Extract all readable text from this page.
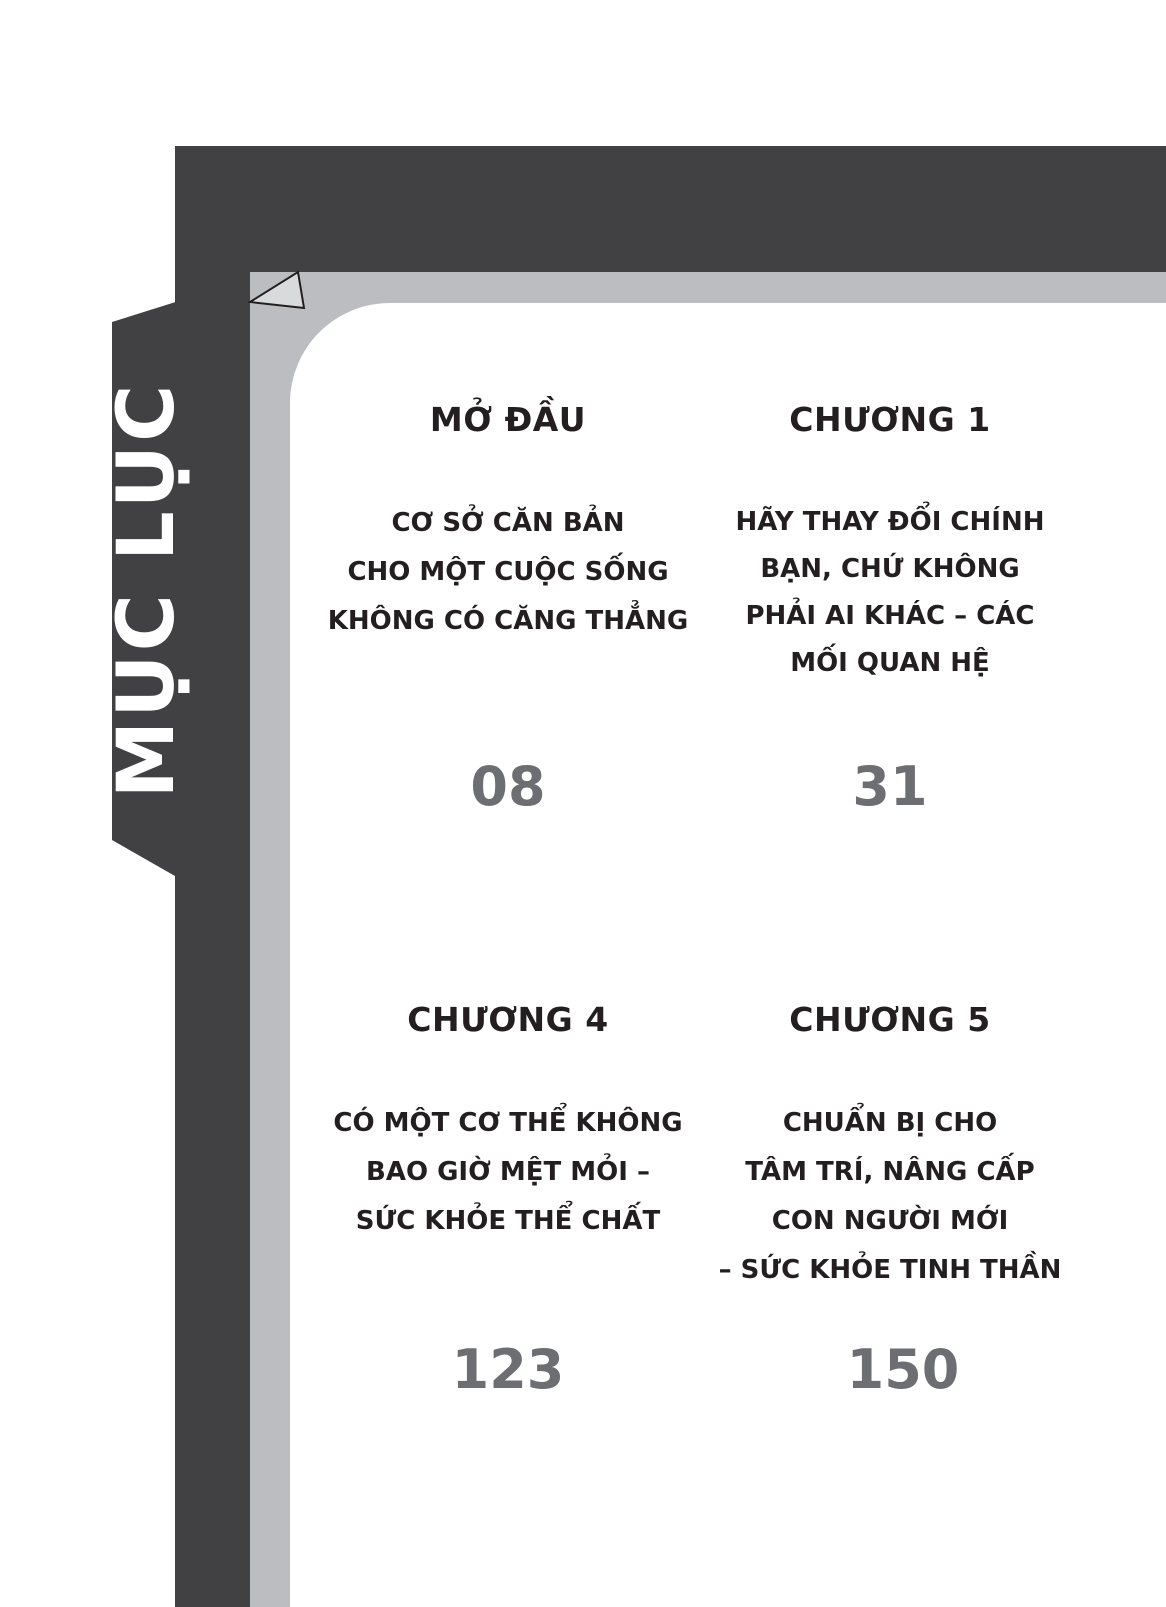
MỤC LỤC	MỞ ĐẦU
CƠ SỞ CĂN BẢN
CHO MỘT CUỘC SỐNG
KHÔNG CÓ CĂNG THẲNG
08
CHƯƠNG 1
HÃY THAY ĐỔI CHÍNH
BẠN, CHỨ KHÔNG
PHẢI AI KHÁC – CÁC
MỐI QUAN HỆ
31
CHƯƠNG 4
CÓ MỘT CƠ THỂ KHÔNG
BAO GIỜ MỆT MỎI –
SỨC KHỎE THỂ CHẤT
123
CHƯƠNG 5
CHUẨN BỊ CHO
TÂM TRÍ, NÂNG CẤP
CON NGƯỜI MỚI
– SỨC KHỎE TINH THẦN
150
